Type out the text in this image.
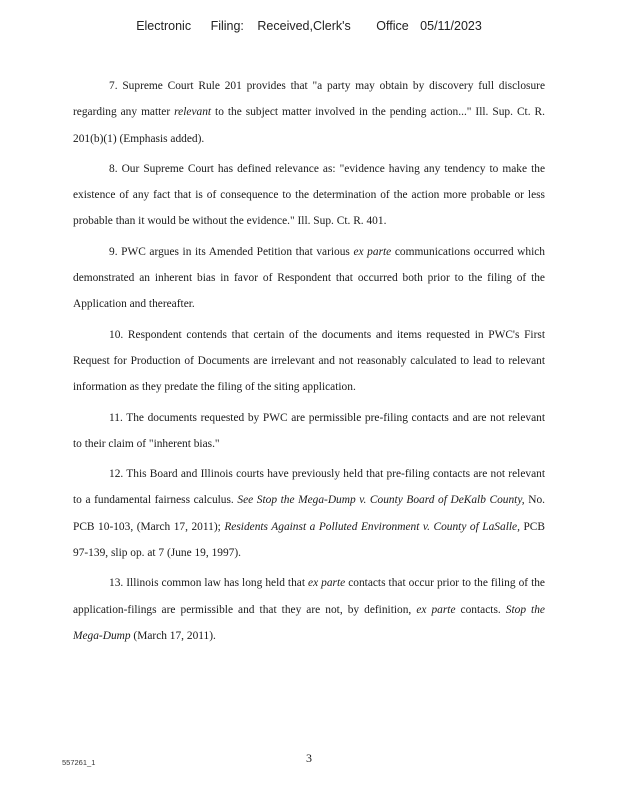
Electronic Filing: Received,Clerk's Office 05/11/2023

7. Supreme Court Rule 201 provides that "a party may obtain by discovery full disclosure regarding any matter relevant to the subject matter involved in the pending action..." Ill. Sup. Ct. R. 201(b)(1) (Emphasis added).

8. Our Supreme Court has defined relevance as: "evidence having any tendency to make the existence of any fact that is of consequence to the determination of the action more probable or less probable than it would be without the evidence." Ill. Sup. Ct. R. 401.

9. PWC argues in its Amended Petition that various ex parte communications occurred which demonstrated an inherent bias in favor of Respondent that occurred both prior to the filing of the Application and thereafter.

10. Respondent contends that certain of the documents and items requested in PWC's First Request for Production of Documents are irrelevant and not reasonably calculated to lead to relevant information as they predate the filing of the siting application.

11. The documents requested by PWC are permissible pre-filing contacts and are not relevant to their claim of "inherent bias."

12. This Board and Illinois courts have previously held that pre-filing contacts are not relevant to a fundamental fairness calculus. See Stop the Mega-Dump v. County Board of DeKalb County, No. PCB 10-103, (March 17, 2011); Residents Against a Polluted Environment v. County of LaSalle, PCB 97-139, slip op. at 7 (June 19, 1997).

13. Illinois common law has long held that ex parte contacts that occur prior to the filing of the application-filings are permissible and that they are not, by definition, ex parte contacts. Stop the Mega-Dump (March 17, 2011).

3
557261_1
